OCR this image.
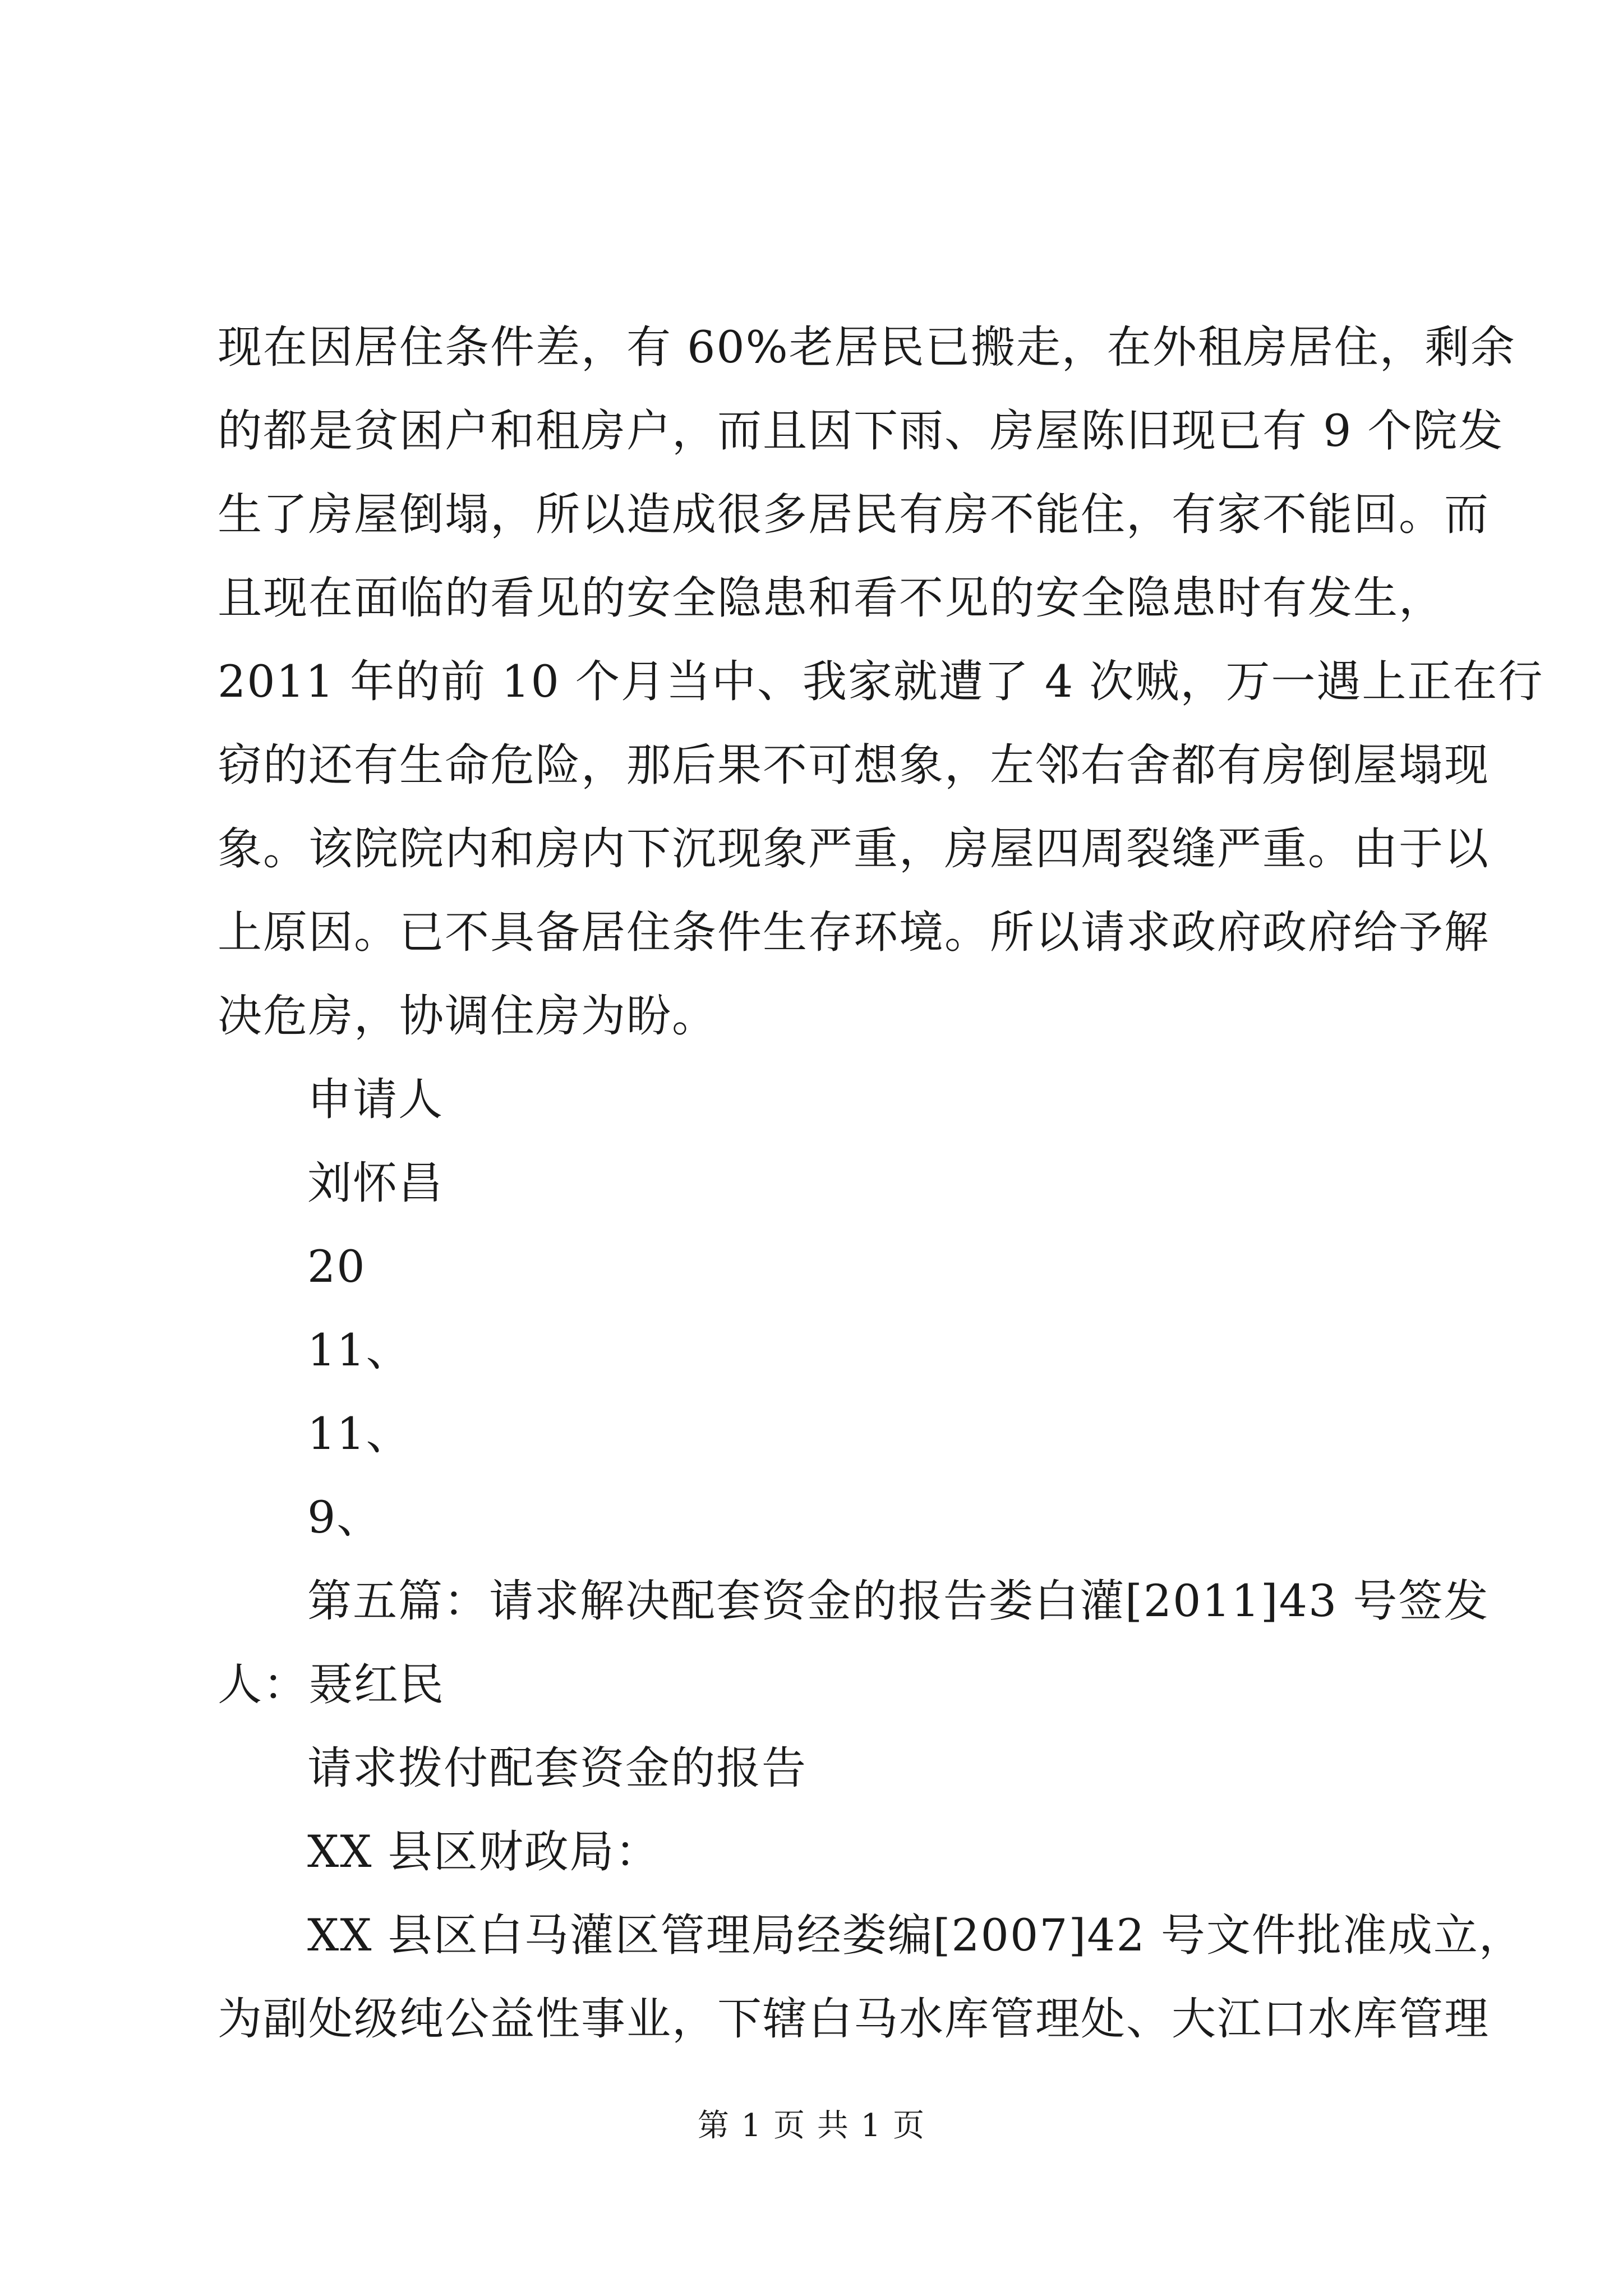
现在因居住条件差，有 60%老居民已搬走，在外租房居住，剩余
的都是贫困户和租房户，而且因下雨、房屋陈旧现已有 9 个院发
生了房屋倒塌，所以造成很多居民有房不能住，有家不能回。而
且现在面临的看见的安全隐患和看不见的安全隐患时有发生，
2011 年的前 10 个月当中、我家就遭了 4 次贼，万一遇上正在行
窃的还有生命危险，那后果不可想象，左邻右舍都有房倒屋塌现
象。该院院内和房内下沉现象严重，房屋四周裂缝严重。由于以
上原因。已不具备居住条件生存环境。所以请求政府政府给予解
决危房，协调住房为盼。
申请人
刘怀昌
20
11、
11、
9、
第五篇：请求解决配套资金的报告娄白灌[2011]43 号签发
人：聂红民
请求拨付配套资金的报告
XX 县区财政局：
XX 县区白马灌区管理局经娄编[2007]42 号文件批准成立，
为副处级纯公益性事业，下辖白马水库管理处、大江口水库管理
第 1 页 共 1 页
